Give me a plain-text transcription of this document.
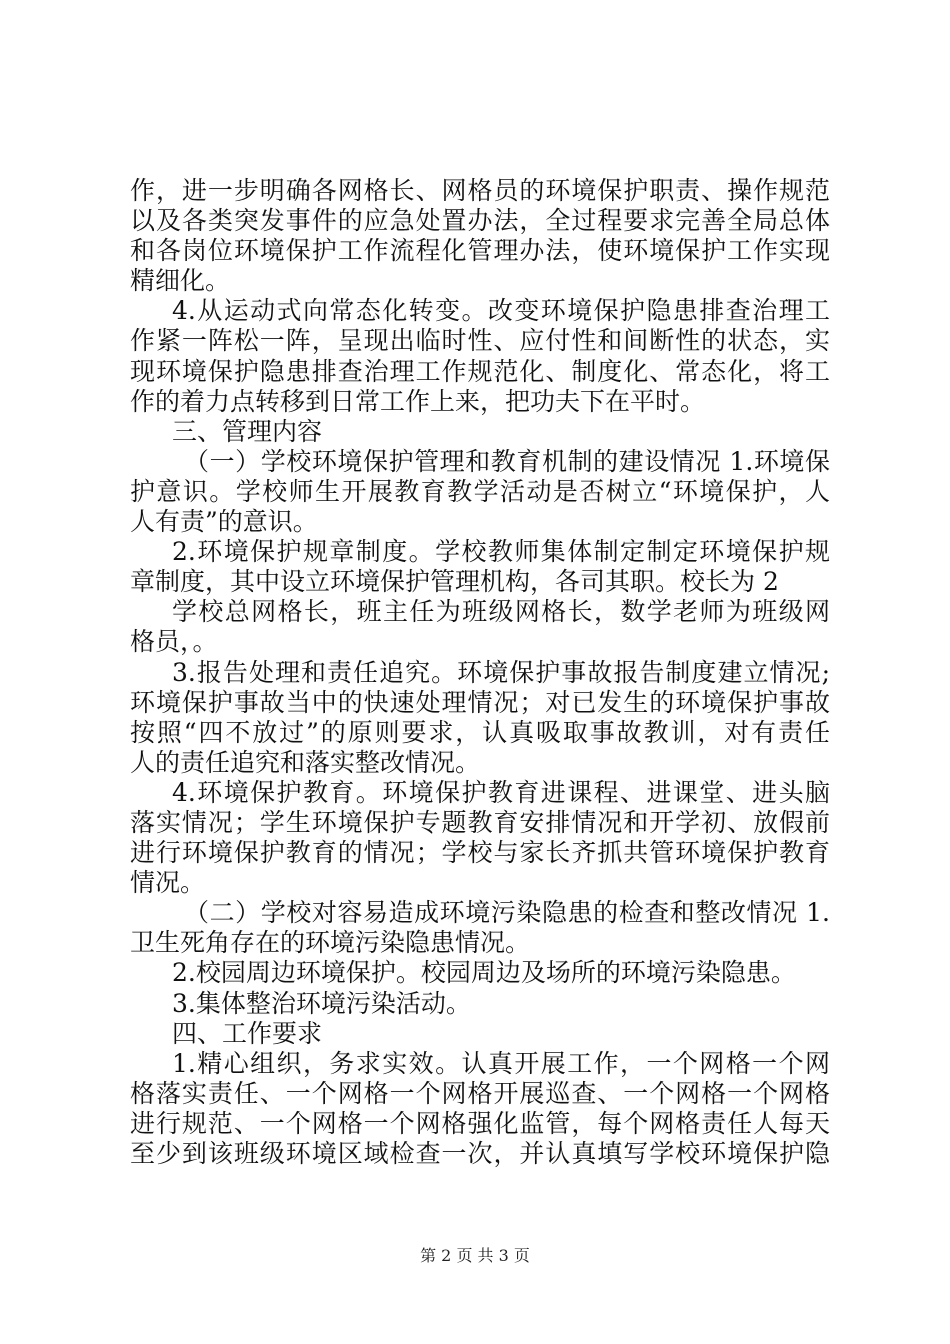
作，进一步明确各网格长、网格员的环境保护职责、操作规范
以及各类突发事件的应急处置办法，全过程要求完善全局总体
和各岗位环境保护工作流程化管理办法，使环境保护工作实现
精细化。
4.从运动式向常态化转变。改变环境保护隐患排查治理工
作紧一阵松一阵，呈现出临时性、应付性和间断性的状态，实
现环境保护隐患排查治理工作规范化、制度化、常态化，将工
作的着力点转移到日常工作上来，把功夫下在平时。
三、管理内容
（一）学校环境保护管理和教育机制的建设情况 1.环境保
护意识。学校师生开展教育教学活动是否树立“环境保护，人
人有责”的意识。
2.环境保护规章制度。学校教师集体制定制定环境保护规
章制度，其中设立环境保护管理机构，各司其职。校长为 2
学校总网格长，班主任为班级网格长，数学老师为班级网
格员，。
3.报告处理和责任追究。环境保护事故报告制度建立情况;
环境保护事故当中的快速处理情况；对已发生的环境保护事故
按照“四不放过”的原则要求，认真吸取事故教训，对有责任
人的责任追究和落实整改情况。
4.环境保护教育。环境保护教育进课程、进课堂、进头脑
落实情况；学生环境保护专题教育安排情况和开学初、放假前
进行环境保护教育的情况；学校与家长齐抓共管环境保护教育
情况。
（二）学校对容易造成环境污染隐患的检查和整改情况 1.
卫生死角存在的环境污染隐患情况。
2.校园周边环境保护。校园周边及场所的环境污染隐患。
3.集体整治环境污染活动。
四、工作要求
1.精心组织，务求实效。认真开展工作，一个网格一个网
格落实责任、一个网格一个网格开展巡查、一个网格一个网格
进行规范、一个网格一个网格强化监管，每个网格责任人每天
至少到该班级环境区域检查一次，并认真填写学校环境保护隐
第 2 页 共 3 页
